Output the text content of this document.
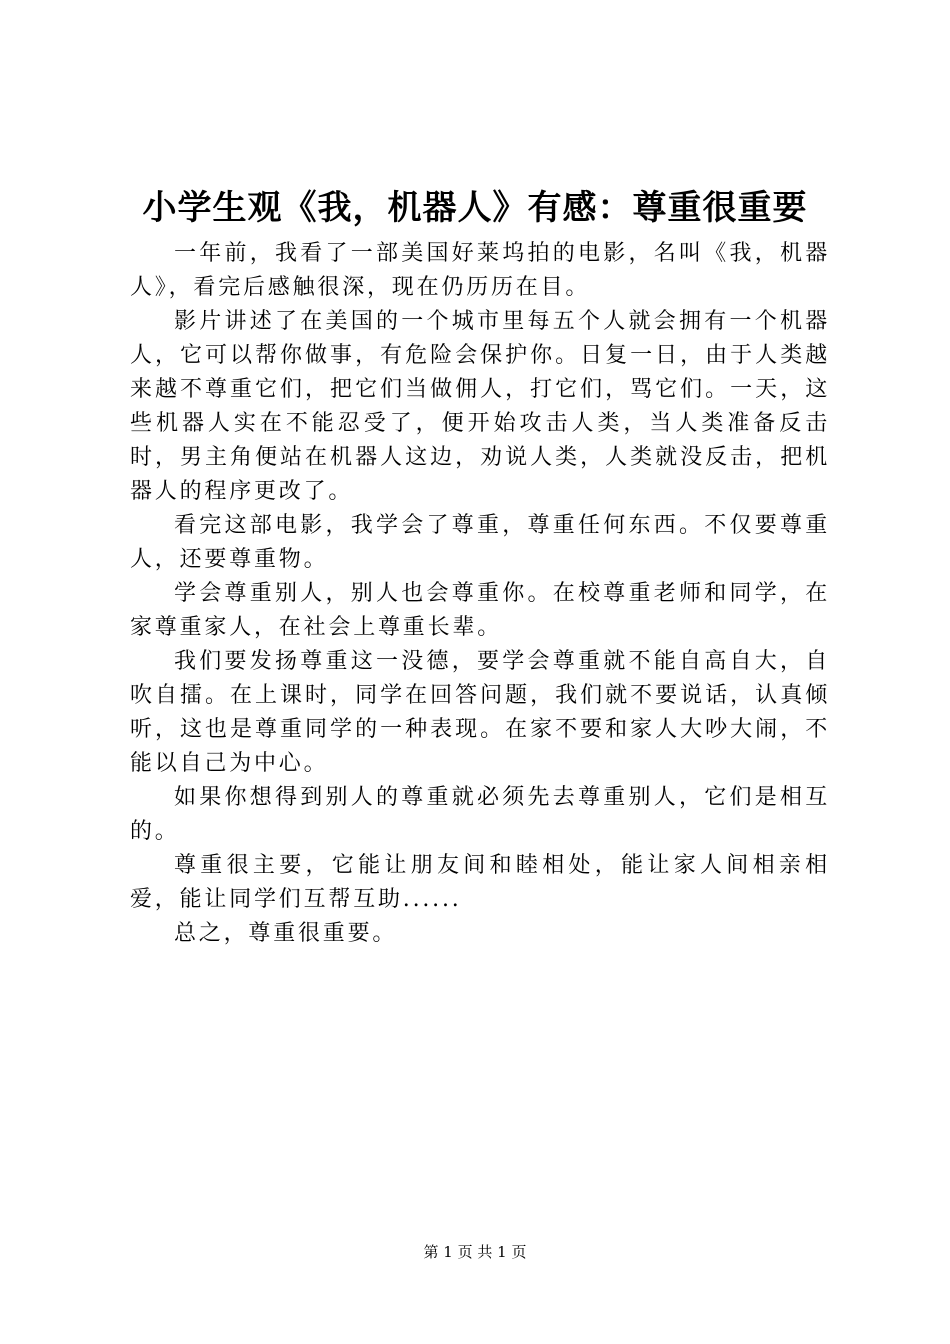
小学生观《我，机器人》有感：尊重很重要

一年前，我看了一部美国好莱坞拍的电影，名叫《我，机器人》，看完后感触很深，现在仍历历在目。

影片讲述了在美国的一个城市里每五个人就会拥有一个机器人，它可以帮你做事，有危险会保护你。日复一日，由于人类越来越不尊重它们，把它们当做佣人，打它们，骂它们。一天，这些机器人实在不能忍受了，便开始攻击人类，当人类准备反击时，男主角便站在机器人这边，劝说人类，人类就没反击，把机器人的程序更改了。

看完这部电影，我学会了尊重，尊重任何东西。不仅要尊重人，还要尊重物。

学会尊重别人，别人也会尊重你。在校尊重老师和同学，在家尊重家人，在社会上尊重长辈。

我们要发扬尊重这一没德，要学会尊重就不能自高自大，自吹自擂。在上课时，同学在回答问题，我们就不要说话，认真倾听，这也是尊重同学的一种表现。在家不要和家人大吵大闹，不能以自己为中心。

如果你想得到别人的尊重就必须先去尊重别人，它们是相互的。

尊重很主要，它能让朋友间和睦相处，能让家人间相亲相爱，能让同学们互帮互助......

总之，尊重很重要。

第 1 页 共 1 页
